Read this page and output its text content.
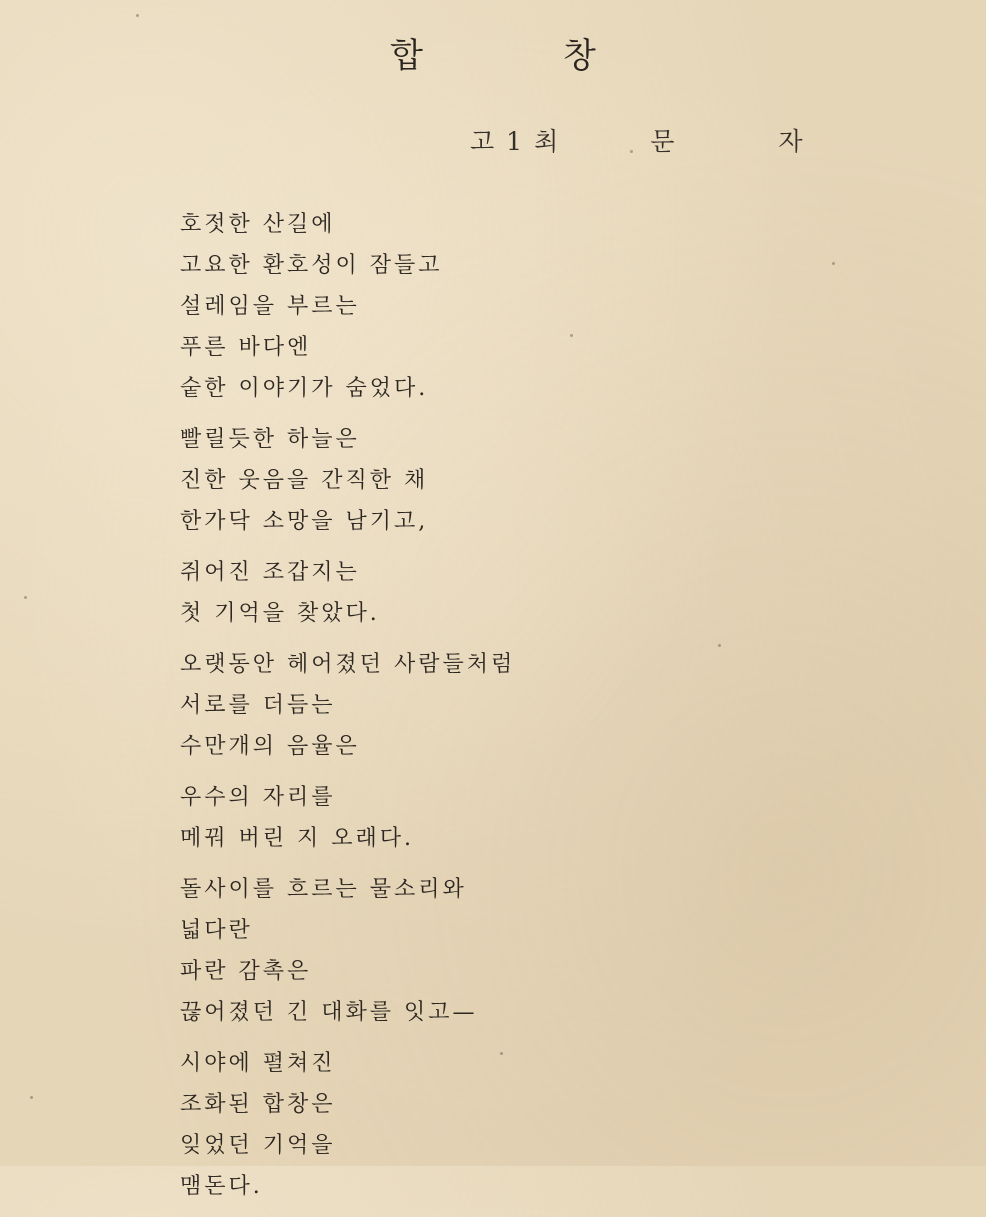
합	창
고1 최	문	자
호젓한 산길에
고요한 환호성이 잠들고
설레임을 부르는
푸른 바다엔
숱한 이야기가 숨었다.
빨릴듯한 하늘은
진한 웃음을 간직한 채
한가닥 소망을 남기고,
쥐어진 조갑지는
첫 기억을 찾았다.
오랫동안 헤어졌던 사람들처럼
서로를 더듬는
수만개의 음율은
우수의 자리를
메꿔 버린 지 오래다.
돌사이를 흐르는 물소리와
넓다란
파란 감촉은
끊어졌던 긴 대화를 잇고—
시야에 펼쳐진
조화된 합창은
잊었던 기억을
맴돈다.
